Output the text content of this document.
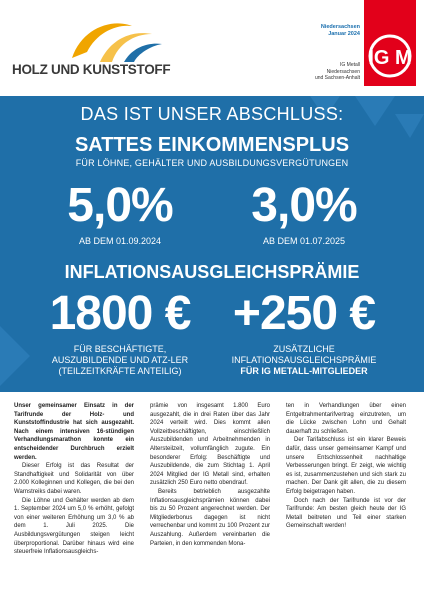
HOLZ UND KUNSTSTOFF
Niedersachsen
Januar 2024
IG Metall
Niedersachsen
und Sachsen-Anhalt
IG M
DAS IST UNSER ABSCHLUSS:
SATTES EINKOMMENSPLUS
FÜR LÖHNE, GEHÄLTER UND AUSBILDUNGSVERGÜTUNGEN
5,0%
AB DEM 01.09.2024
3,0%
AB DEM 01.07.2025
INFLATIONSAUSGLEICHSPRÄMIE
1800 €
FÜR BESCHÄFTIGTE,
AUSZUBILDENDE UND ATZ-LER
(TEILZEITKRÄFTE ANTEILIG)
+250 €
ZUSÄTZLICHE
INFLATIONSAUSGLEICHSPRÄMIE
FÜR IG METALL-MITGLIEDER

Unser gemeinsamer Einsatz in der Tarifrunde der Holz- und Kunststoffindustrie hat sich ausgezahlt. Nach einem intensiven 16-stündigen Verhandlungsmarathon konnte ein entscheidender Durchbruch erzielt werden.

Dieser Erfolg ist das Resultat der Standhaftigkeit und Solidarität von über 2.000 Kolleginnen und Kollegen, die bei den Warnstreiks dabei waren.

Die Löhne und Gehälter werden ab dem 1. September 2024 um 5,0 % erhöht, gefolgt von einer weiteren Erhöhung um 3,0 % ab dem 1. Juli 2025. Die Ausbildungsvergütungen steigen leicht überproportional. Darüber hinaus wird eine steuerfreie Inflationsausgleichs-

prämie von insgesamt 1.800 Euro ausgezahlt, die in drei Raten über das Jahr 2024 verteilt wird. Dies kommt allen Vollzeitbeschäftigten, einschließlich Auszubildenden und Arbeitnehmenden in Altersteilzeit, vollumfänglich zugute. Ein besonderer Erfolg: Beschäftigte und Auszubildende, die zum Stichtag 1. April 2024 Mitglied der IG Metall sind, erhalten zusätzlich 250 Euro netto obendrauf.

Bereits betrieblich ausgezahlte Inflationsausgleichsprämien können dabei bis zu 50 Prozent angerechnet werden. Der Mitgliederbonus dagegen ist nicht verrechenbar und kommt zu 100 Prozent zur Auszahlung. Außerdem vereinbarten die Parteien, in den kommenden Mona-

ten in Verhandlungen über einen Entgeltrahmentarifvertrag einzutreten, um die Lücke zwischen Lohn und Gehalt dauerhaft zu schließen.

Der Tarifabschluss ist ein klarer Beweis dafür, dass unser gemeinsamer Kampf und unsere Entschlossenheit nachhaltige Verbesserungen bringt. Er zeigt, wie wichtig es ist, zusammenzustehen und sich stark zu machen. Der Dank gilt allen, die zu diesem Erfolg beigetragen haben.

Doch nach der Tarifrunde ist vor der Tarifrunde: Am besten gleich heute der IG Metall beitreten und Teil einer starken Gemeinschaft werden!
